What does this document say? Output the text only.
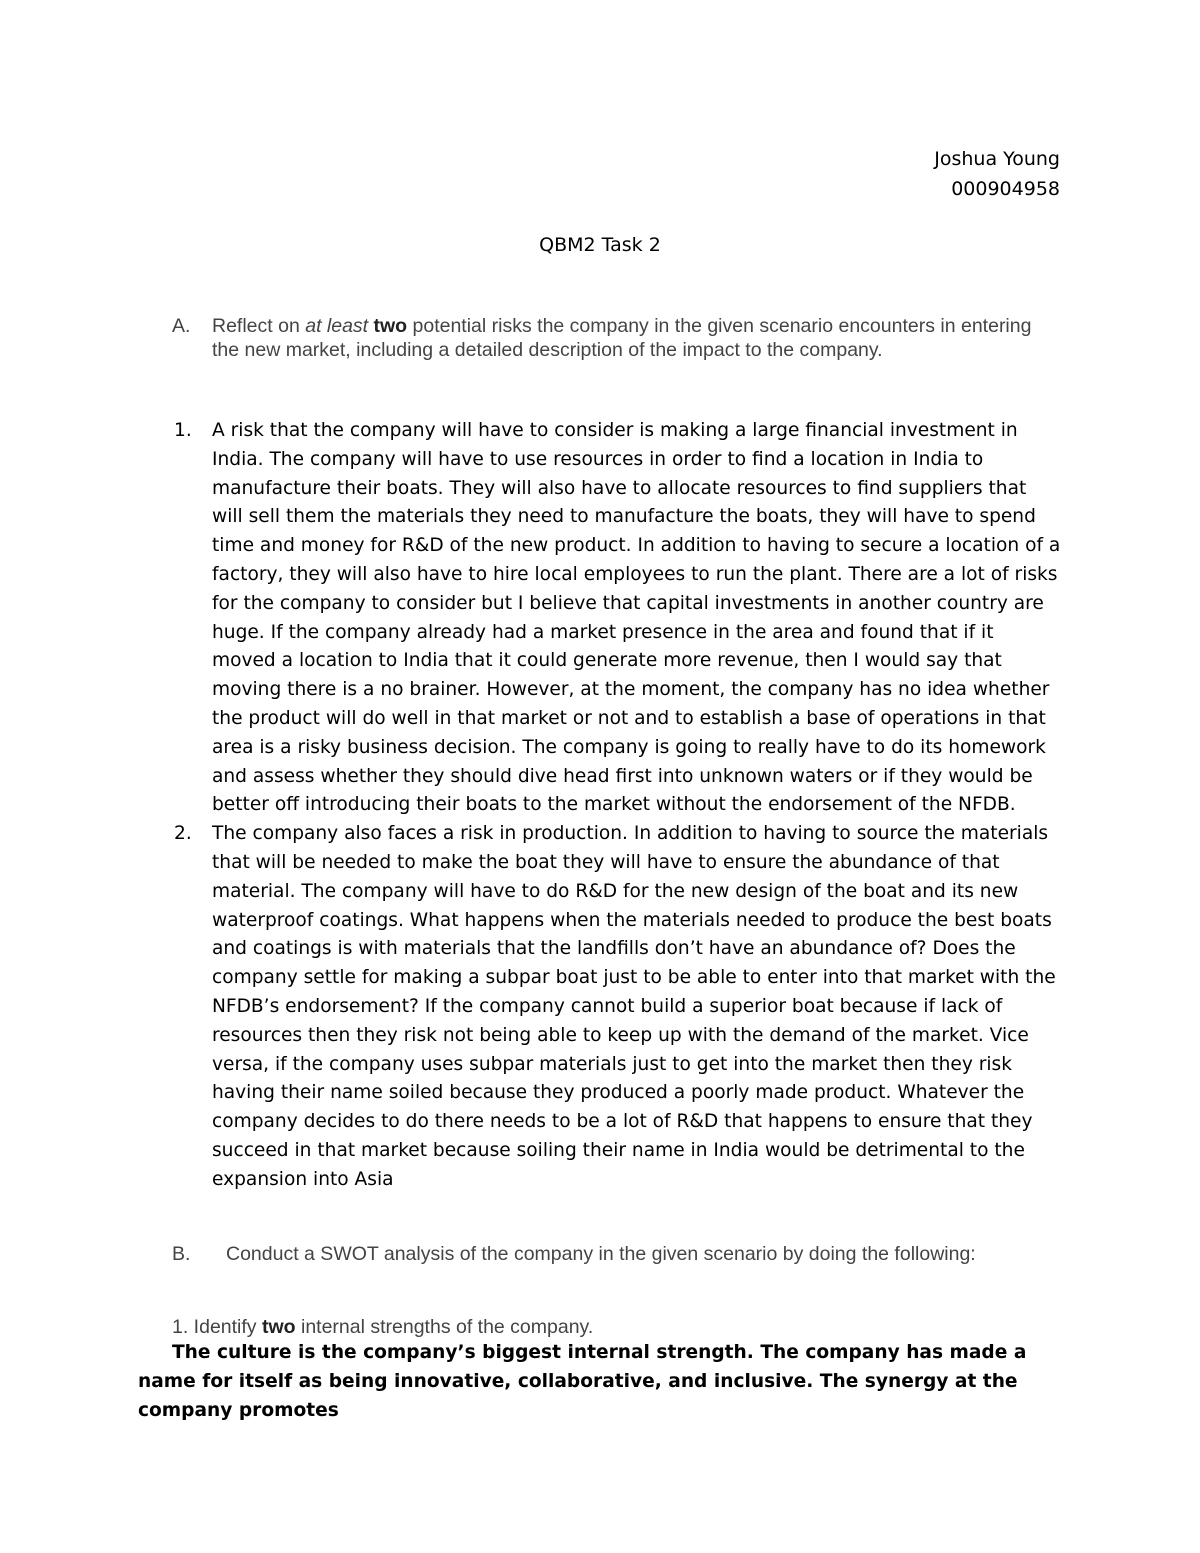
Joshua Young
000904958
QBM2 Task 2
A. Reflect on at least two potential risks the company in the given scenario encounters in entering the new market, including a detailed description of the impact to the company.
1. A risk that the company will have to consider is making a large financial investment in India. The company will have to use resources in order to find a location in India to manufacture their boats. They will also have to allocate resources to find suppliers that will sell them the materials they need to manufacture the boats, they will have to spend time and money for R&D of the new product. In addition to having to secure a location of a factory, they will also have to hire local employees to run the plant. There are a lot of risks for the company to consider but I believe that capital investments in another country are huge. If the company already had a market presence in the area and found that if it moved a location to India that it could generate more revenue, then I would say that moving there is a no brainer. However, at the moment, the company has no idea whether the product will do well in that market or not and to establish a base of operations in that area is a risky business decision. The company is going to really have to do its homework and assess whether they should dive head first into unknown waters or if they would be better off introducing their boats to the market without the endorsement of the NFDB.
2. The company also faces a risk in production. In addition to having to source the materials that will be needed to make the boat they will have to ensure the abundance of that material. The company will have to do R&D for the new design of the boat and its new waterproof coatings. What happens when the materials needed to produce the best boats and coatings is with materials that the landfills don’t have an abundance of? Does the company settle for making a subpar boat just to be able to enter into that market with the NFDB’s endorsement? If the company cannot build a superior boat because if lack of resources then they risk not being able to keep up with the demand of the market. Vice versa, if the company uses subpar materials just to get into the market then they risk having their name soiled because they produced a poorly made product. Whatever the company decides to do there needs to be a lot of R&D that happens to ensure that they succeed in that market because soiling their name in India would be detrimental to the expansion into Asia
B.	Conduct a SWOT analysis of the company in the given scenario by doing the following:
1. Identify two internal strengths of the company.
The culture is the company’s biggest internal strength. The company has made a name for itself as being innovative, collaborative, and inclusive. The synergy at the company promotes
